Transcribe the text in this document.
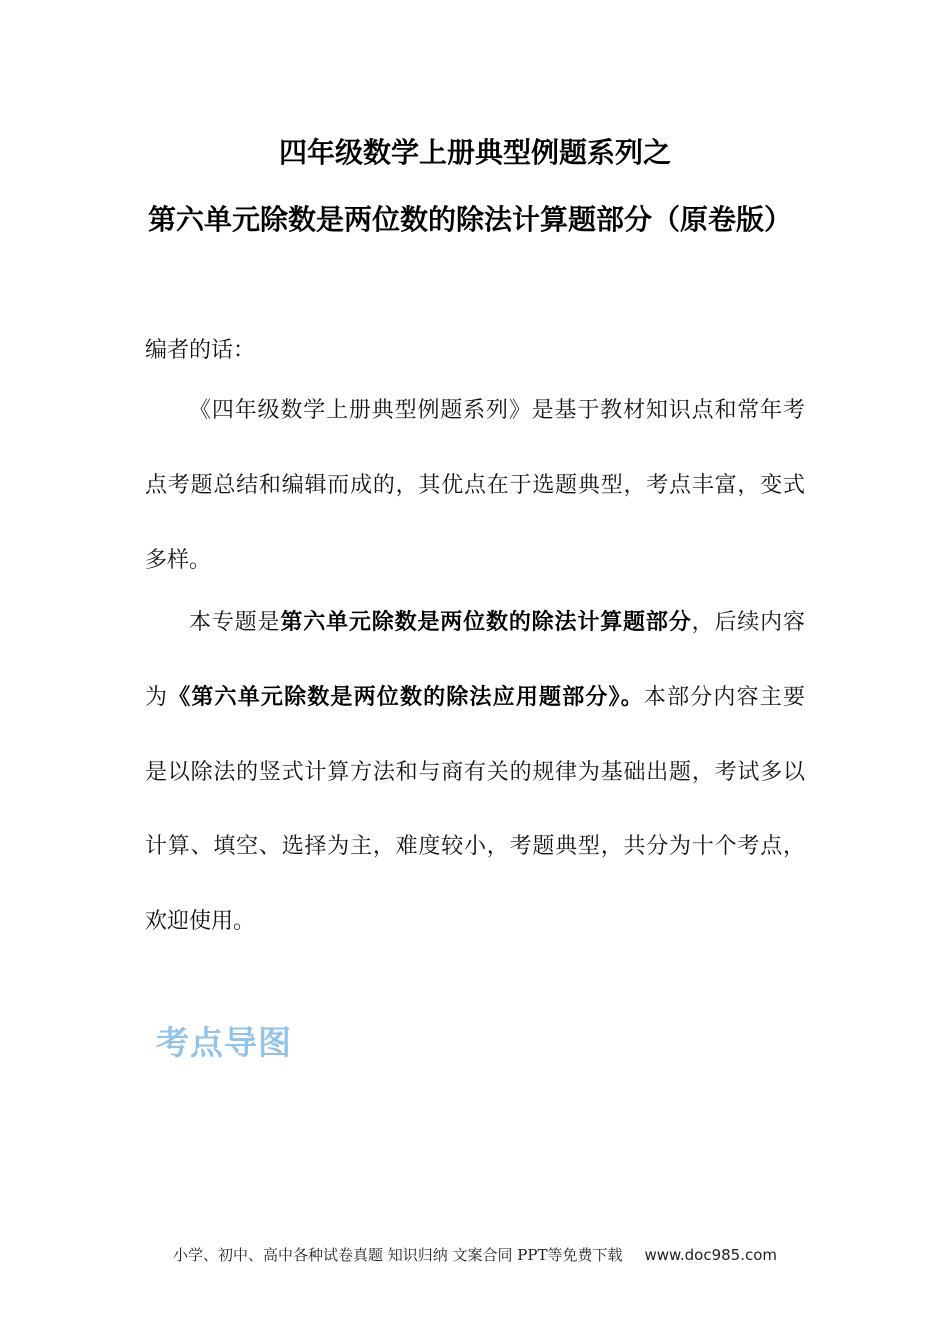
四年级数学上册典型例题系列之
第六单元除数是两位数的除法计算题部分（原卷版）
编者的话：
《四年级数学上册典型例题系列》是基于教材知识点和常年考
点考题总结和编辑而成的，其优点在于选题典型，考点丰富，变式
多样。
本专题是第六单元除数是两位数的除法计算题部分，后续内容
为《第六单元除数是两位数的除法应用题部分》。本部分内容主要
是以除法的竖式计算方法和与商有关的规律为基础出题，考试多以
计算、填空、选择为主，难度较小，考题典型，共分为十个考点，
欢迎使用。
考点导图
小学、初中、高中各种试卷真题 知识归纳 文案合同 PPT等免费下载 www.doc985.com
